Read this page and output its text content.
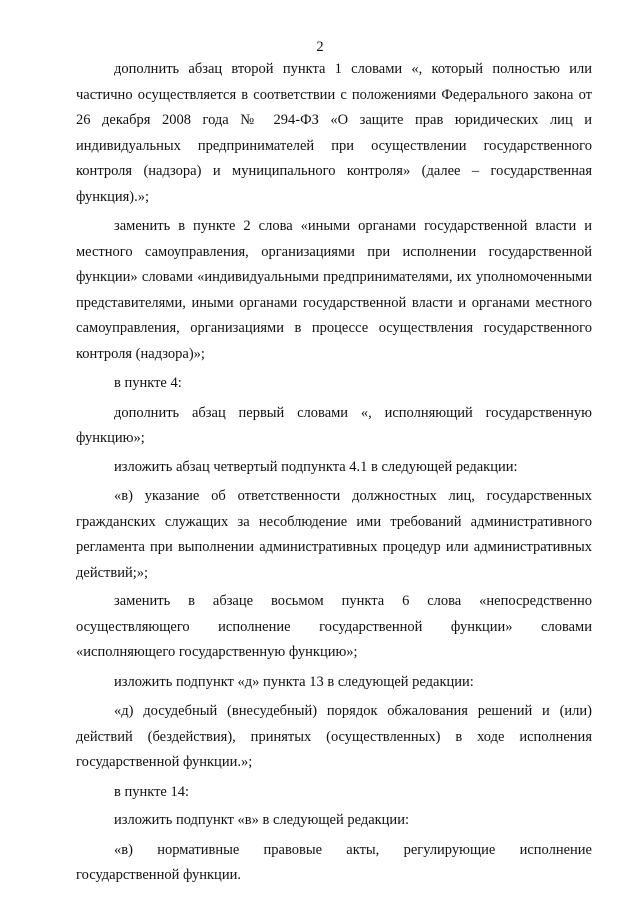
2

дополнить абзац второй пункта 1 словами «, который полностью или частично осуществляется в соответствии с положениями Федерального закона от 26 декабря 2008 года № 294-ФЗ «О защите прав юридических лиц и индивидуальных предпринимателей при осуществлении государственного контроля (надзора) и муниципального контроля» (далее – государственная функция).»;

заменить в пункте 2 слова «иными органами государственной власти и местного самоуправления, организациями при исполнении государственной функции» словами «индивидуальными предпринимателями, их уполномоченными представителями, иными органами государственной власти и органами местного самоуправления, организациями в процессе осуществления государственного контроля (надзора)»;

в пункте 4:

дополнить абзац первый словами «, исполняющий государственную функцию»;

изложить абзац четвертый подпункта 4.1 в следующей редакции:

«в) указание об ответственности должностных лиц, государственных гражданских служащих за несоблюдение ими требований административного регламента при выполнении административных процедур или административных действий;»;

заменить в абзаце восьмом пункта 6 слова «непосредственно осуществляющего исполнение государственной функции» словами «исполняющего государственную функцию»;

изложить подпункт «д» пункта 13 в следующей редакции:

«д) досудебный (внесудебный) порядок обжалования решений и (или) действий (бездействия), принятых (осуществленных) в ходе исполнения государственной функции.»;

в пункте 14:

изложить подпункт «в» в следующей редакции:

«в) нормативные правовые акты, регулирующие исполнение государственной функции.
